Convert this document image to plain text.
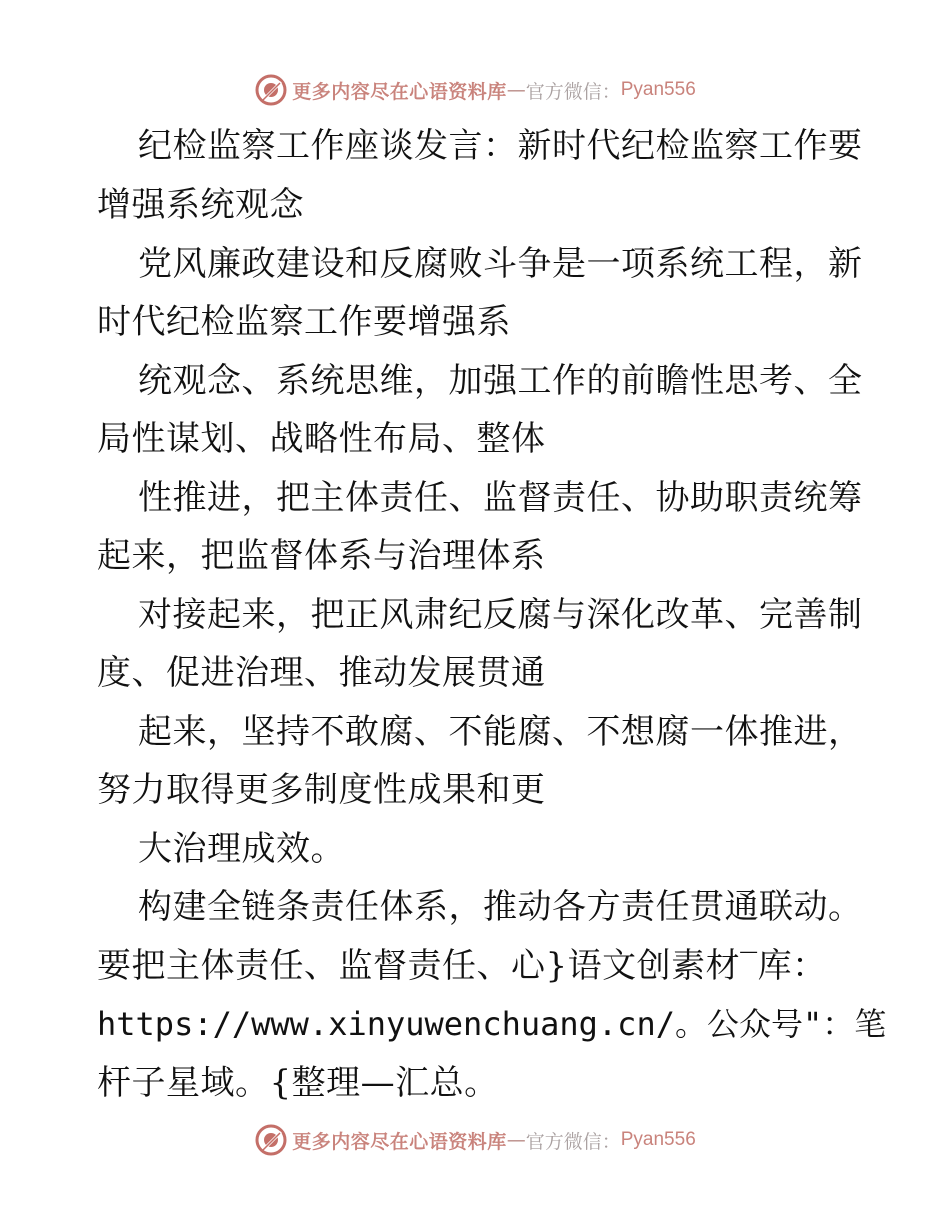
更多内容尽在心语资料库 — 官方微信： Pyan556
纪检监察工作座谈发言：新时代纪检监察工作要
增强系统观念
党风廉政建设和反腐败斗争是一项系统工程，新
时代纪检监察工作要增强系
统观念、系统思维，加强工作的前瞻性思考、全
局性谋划、战略性布局、整体
性推进，把主体责任、监督责任、协助职责统筹
起来，把监督体系与治理体系
对接起来，把正风肃纪反腐与深化改革、完善制
度、促进治理、推动发展贯通
起来，坚持不敢腐、不能腐、不想腐一体推进，
努力取得更多制度性成果和更
大治理成效。
构建全链条责任体系，推动各方责任贯通联动。
要把主体责任、监督责任、心}语文创素材‾库：
https://www.xinyuwenchuang.cn/。公众号"：笔
杆子星域。{整理—汇总。
更多内容尽在心语资料库 — 官方微信： Pyan556
